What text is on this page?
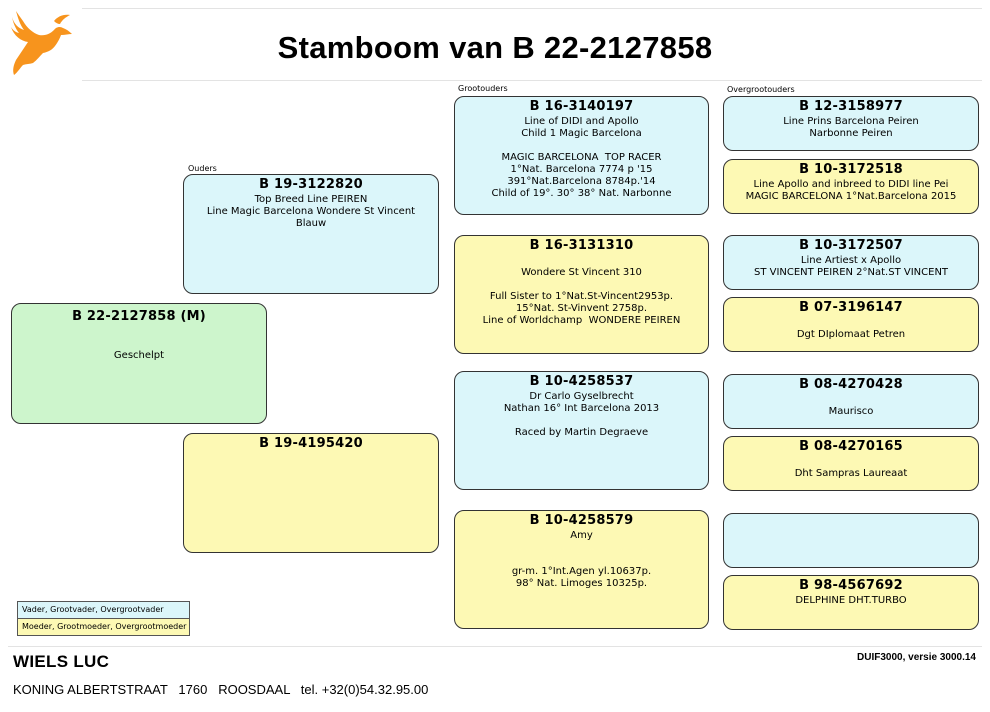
Stamboom van B 22-2127858
Ouders
Grootouders	Overgrootouders
B 22-2127858 (M)
Geschelpt
B 19-3122820
Top Breed Line PEIREN
Line Magic Barcelona Wondere St Vincent
Blauw
B 19-4195420
B 16-3140197
Line of DIDI and Apollo
Child 1 Magic Barcelona
MAGIC BARCELONA  TOP RACER
1°Nat. Barcelona 7774 p '15
391°Nat.Barcelona 8784p.'14
Child of 19°. 30° 38° Nat. Narbonne
B 16-3131310
Wondere St Vincent 310
Full Sister to 1°Nat.St-Vincent2953p.
15°Nat. St-Vinvent 2758p.
Line of Worldchamp  WONDERE PEIREN
B 10-4258537
Dr Carlo Gyselbrecht
Nathan 16° Int Barcelona 2013
Raced by Martin Degraeve
B 10-4258579
Amy
gr-m. 1°Int.Agen yl.10637p.
98° Nat. Limoges 10325p.
B 12-3158977
Line Prins Barcelona Peiren
Narbonne Peiren
B 10-3172518
Line Apollo and inbreed to DIDI line Pei
MAGIC BARCELONA 1°Nat.Barcelona 2015
B 10-3172507
Line Artiest x Apollo
ST VINCENT PEIREN 2°Nat.ST VINCENT
B 07-3196147
Dgt DIplomaat Petren
B 08-4270428
Maurisco
B 08-4270165
Dht Sampras Laureaat
B 98-4567692
DELPHINE DHT.TURBO
Vader, Grootvader, Overgrootvader
Moeder, Grootmoeder, Overgrootmoeder
WIELS LUC
KONING ALBERTSTRAAT   1760   ROOSDAAL   tel. +32(0)54.32.95.00
DUIF3000, versie 3000.14
